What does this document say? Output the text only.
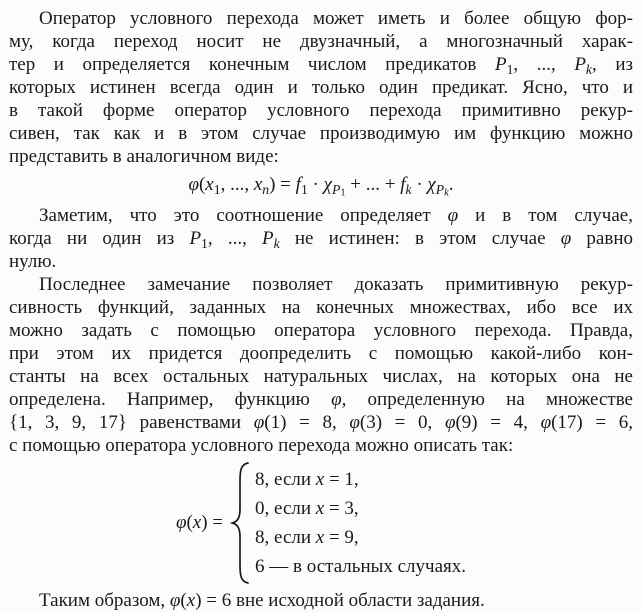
Оператор условного перехода может иметь и более общую фор-
му, когда переход носит не двузначный, а многозначный харак-
тер и определяется конечным числом предикатов $P_1$, ..., $P_k$, из
которых истинен всегда один и только один предикат. Ясно, что и
в такой форме оператор условного перехода примитивно рекур-
сивен, так как и в этом случае производимую им функцию можно
представить в аналогичном виде:
$\varphi(x_1$, ..., $x_n) = f_1 \cdot \chi_{P1}$ + ... + $f_k \cdot \chi_{Pk}$.
Заметим, что это соотношение определяет φ и в том случае,
когда ни один из $P_1$, ..., $P_k$ не истинен: в этом случае φ равно
нулю.
Последнее замечание позволяет доказать примитивную рекур-
сивность функций, заданных на конечных множествах, ибо все их
можно задать с помощью оператора условного перехода. Правда,
при этом их придется доопределить с помощью какой-либо кон-
станты на всех остальных натуральных числах, на которых она не
определена. Например, функцию φ, определенную на множестве
{1, 3, 9, 17} равенствами φ(1) = 8, φ(3) = 0, φ(9) = 4, φ(17) = 6,
с помощью оператора условного перехода можно описать так:
φ(x) =
8, если x = 1,
0, если x = 3,
8, если x = 9,
6 — в остальных случаях.
Таким образом, φ(x) = 6 вне исходной области задания.
